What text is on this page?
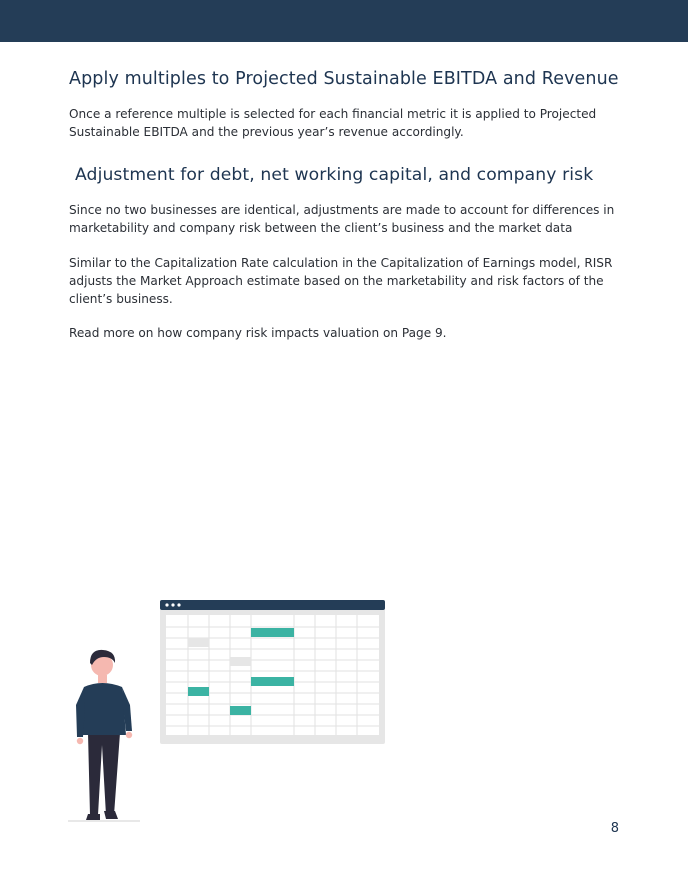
Apply multiples to Projected Sustainable EBITDA and Revenue

Once a reference multiple is selected for each financial metric it is applied to Projected Sustainable EBITDA and the previous year’s revenue accordingly.

Adjustment for debt, net working capital, and company risk

Since no two businesses are identical, adjustments are made to account for differences in marketability and company risk between the client’s business and the market data

Similar to the Capitalization Rate calculation in the Capitalization of Earnings model, RISR adjusts the Market Approach estimate based on the marketability and risk factors of the client’s business.

Read more on how company risk impacts valuation on Page 9.

8
